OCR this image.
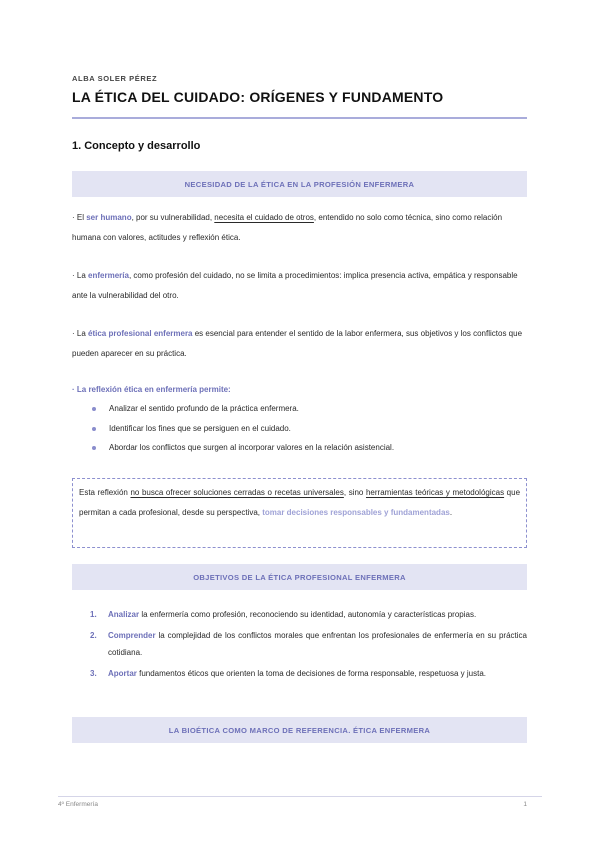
ALBA SOLER PÉREZ
LA ÉTICA DEL CUIDADO: ORÍGENES Y FUNDAMENTO
1. Concepto y desarrollo
NECESIDAD DE LA ÉTICA EN LA PROFESIÓN ENFERMERA

· El ser humano, por su vulnerabilidad, necesita el cuidado de otros, entendido no solo como técnica, sino como relación humana con valores, actitudes y reflexión ética.

· La enfermería, como profesión del cuidado, no se limita a procedimientos: implica presencia activa, empática y responsable ante la vulnerabilidad del otro.

· La ética profesional enfermera es esencial para entender el sentido de la labor enfermera, sus objetivos y los conflictos que pueden aparecer en su práctica.

· La reflexión ética en enfermería permite:

Analizar el sentido profundo de la práctica enfermera.
Identificar los fines que se persiguen en el cuidado.
Abordar los conflictos que surgen al incorporar valores en la relación asistencial.
Esta reflexión no busca ofrecer soluciones cerradas o recetas universales, sino herramientas teóricas y metodológicas que permitan a cada profesional, desde su perspectiva, tomar decisiones responsables y fundamentadas.
OBJETIVOS DE LA ÉTICA PROFESIONAL ENFERMERA
1. Analizar la enfermería como profesión, reconociendo su identidad, autonomía y características propias.
2. Comprender la complejidad de los conflictos morales que enfrentan los profesionales de enfermería en su práctica cotidiana.
3. Aportar fundamentos éticos que orienten la toma de decisiones de forma responsable, respetuosa y justa.
LA BIOÉTICA COMO MARCO DE REFERENCIA. ÉTICA ENFERMERA
4º Enfermería	1
